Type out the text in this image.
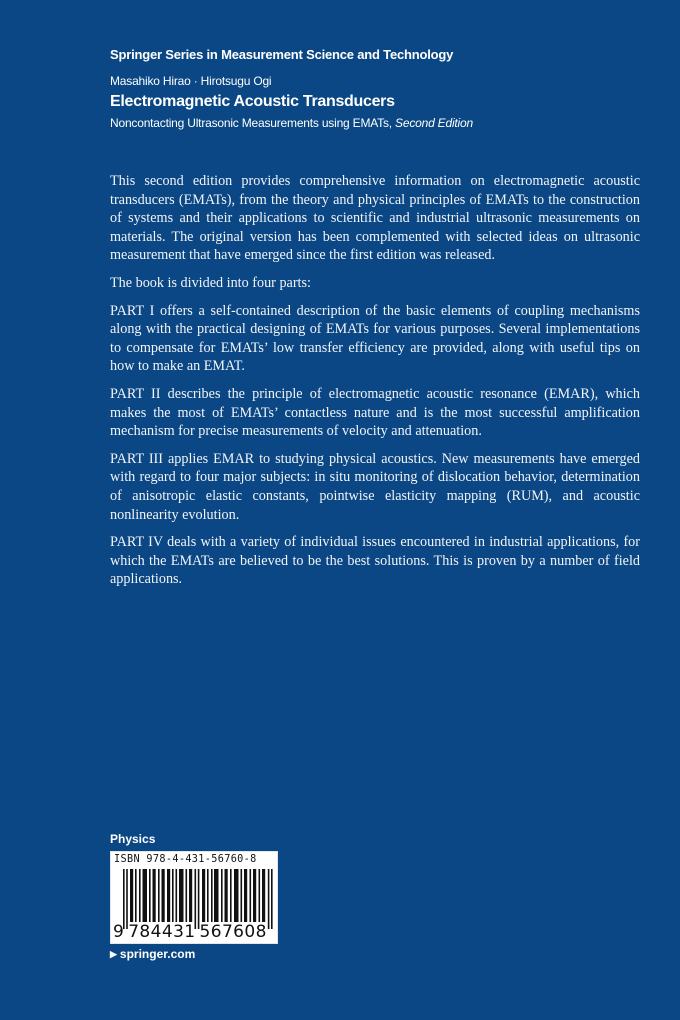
Springer Series in Measurement Science and Technology
Masahiko Hirao · Hirotsugu Ogi
Electromagnetic Acoustic Transducers
Noncontacting Ultrasonic Measurements using EMATs, Second Edition

This second edition provides comprehensive information on electromagnetic acoustic transducers (EMATs), from the theory and physical principles of EMATs to the construction of systems and their applications to scientific and industrial ultrasonic measurements on materials. The original version has been complemented with selected ideas on ultrasonic measurement that have emerged since the first edition was released.

The book is divided into four parts:

PART I offers a self-contained description of the basic elements of coupling mechanisms along with the practical designing of EMATs for various purposes. Several implementations to compensate for EMATs’ low transfer efficiency are provided, along with useful tips on how to make an EMAT.

PART II describes the principle of electromagnetic acoustic resonance (EMAR), which makes the most of EMATs’ contactless nature and is the most successful amplification mechanism for precise measurements of velocity and attenuation.

PART III applies EMAR to studying physical acoustics. New measurements have emerged with regard to four major subjects: in situ monitoring of dislocation behavior, determination of anisotropic elastic constants, pointwise elasticity mapping (RUM), and acoustic nonlinearity evolution.

PART IV deals with a variety of individual issues encountered in industrial applications, for which the EMATs are believed to be the best solutions. This is proven by a number of field applications.

Physics
ISBN 978-4-431-56760-8
9 784431 567608
▶ springer.com
